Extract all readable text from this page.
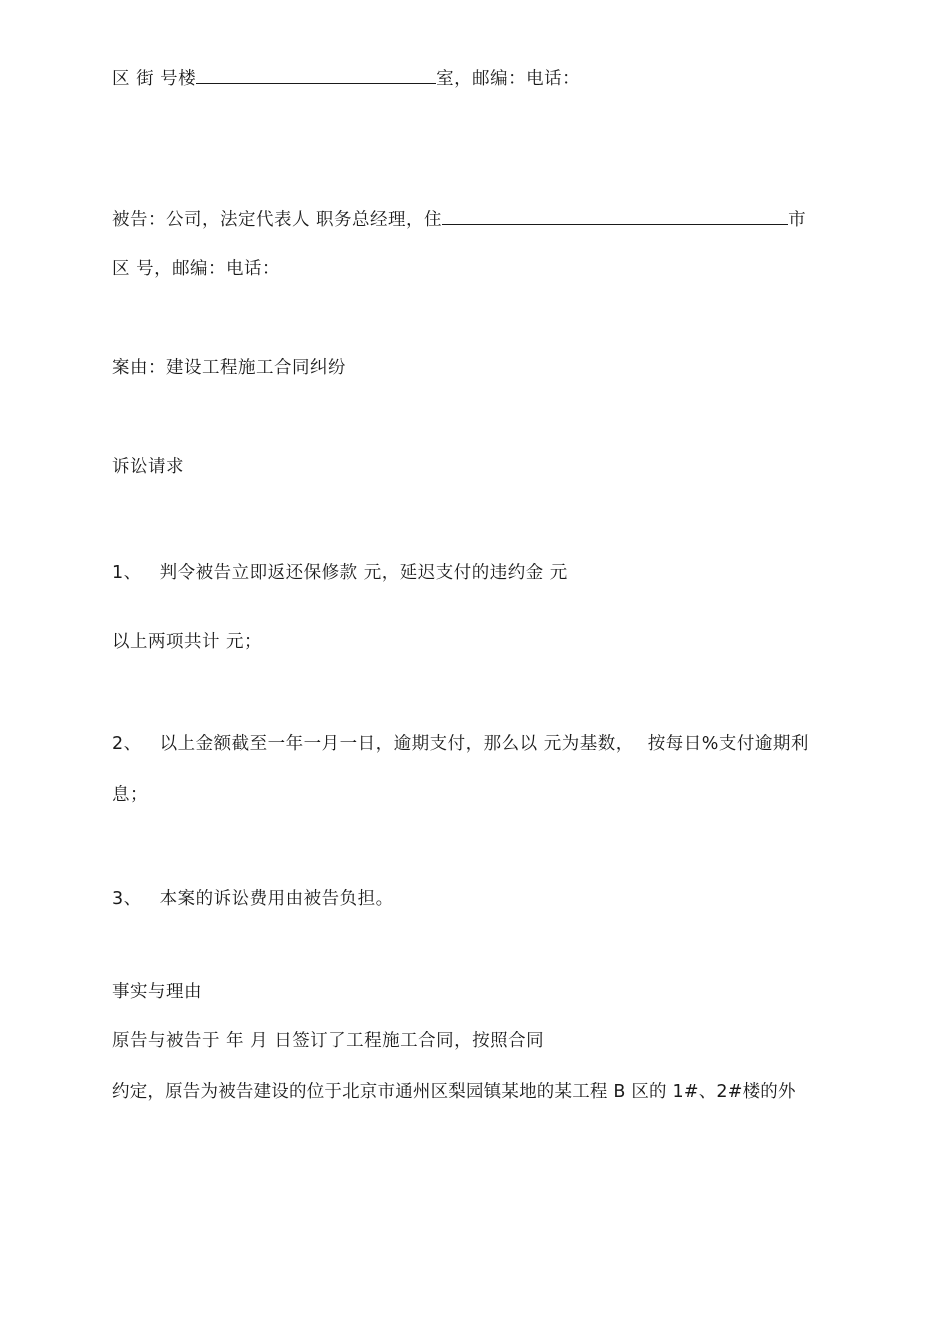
区 街 号楼	室，邮编：电话：
被告：公司，法定代表人 职务总经理，住	市
区 号，邮编：电话：
案由：建设工程施工合同纠纷
诉讼请求
1、 判令被告立即返还保修款 元，延迟支付的违约金 元
以上两项共计 元；
2、 以上金额截至一年一月一日，逾期支付，那么以 元为基数， 按每日%支付逾期利
息；
3、 本案的诉讼费用由被告负担。
事实与理由
原告与被告于 年 月 日签订了工程施工合同，按照合同
约定，原告为被告建设的位于北京市通州区梨园镇某地的某工程 B 区的 1#、2#楼的外
